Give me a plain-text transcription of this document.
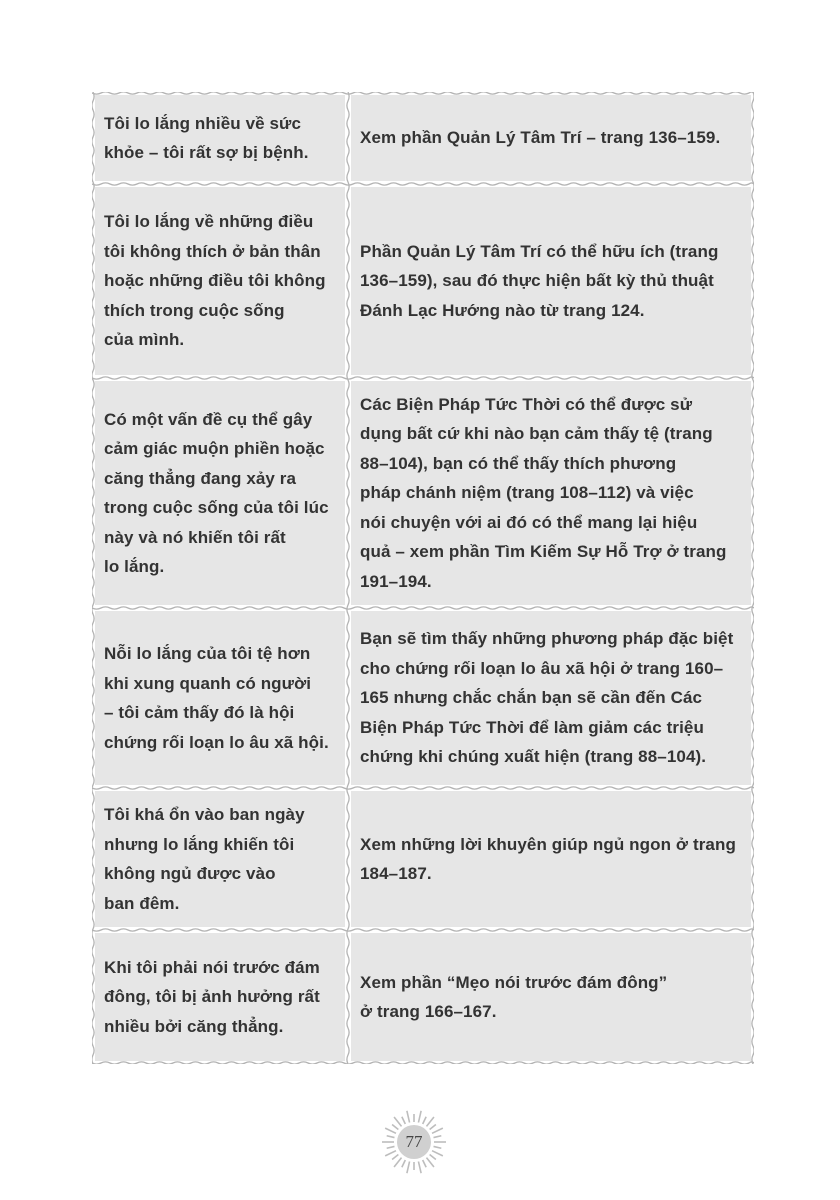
Tôi lo lắng nhiều về sức
khỏe – tôi rất sợ bị bệnh.

Xem phần Quản Lý Tâm Trí – trang 136–159.

Tôi lo lắng về những điều
tôi không thích ở bản thân
hoặc những điều tôi không
thích trong cuộc sống
của mình.

Phần Quản Lý Tâm Trí có thể hữu ích (trang
136–159), sau đó thực hiện bất kỳ thủ thuật
Đánh Lạc Hướng nào từ trang 124.

Có một vấn đề cụ thể gây
cảm giác muộn phiền hoặc
căng thẳng đang xảy ra
trong cuộc sống của tôi lúc
này và nó khiến tôi rất
lo lắng.

Các Biện Pháp Tức Thời có thể được sử
dụng bất cứ khi nào bạn cảm thấy tệ (trang
88–104), bạn có thể thấy thích phương
pháp chánh niệm (trang 108–112) và việc
nói chuyện với ai đó có thể mang lại hiệu
quả – xem phần Tìm Kiếm Sự Hỗ Trợ ở trang
191–194.

Nỗi lo lắng của tôi tệ hơn
khi xung quanh có người
– tôi cảm thấy đó là hội
chứng rối loạn lo âu xã hội.

Bạn sẽ tìm thấy những phương pháp đặc biệt
cho chứng rối loạn lo âu xã hội ở trang 160–
165 nhưng chắc chắn bạn sẽ cần đến Các
Biện Pháp Tức Thời để làm giảm các triệu
chứng khi chúng xuất hiện (trang 88–104).

Tôi khá ổn vào ban ngày
nhưng lo lắng khiến tôi
không ngủ được vào
ban đêm.

Xem những lời khuyên giúp ngủ ngon ở trang
184–187.

Khi tôi phải nói trước đám
đông, tôi bị ảnh hưởng rất
nhiều bởi căng thẳng.

Xem phần “Mẹo nói trước đám đông”
ở trang 166–167.

77
